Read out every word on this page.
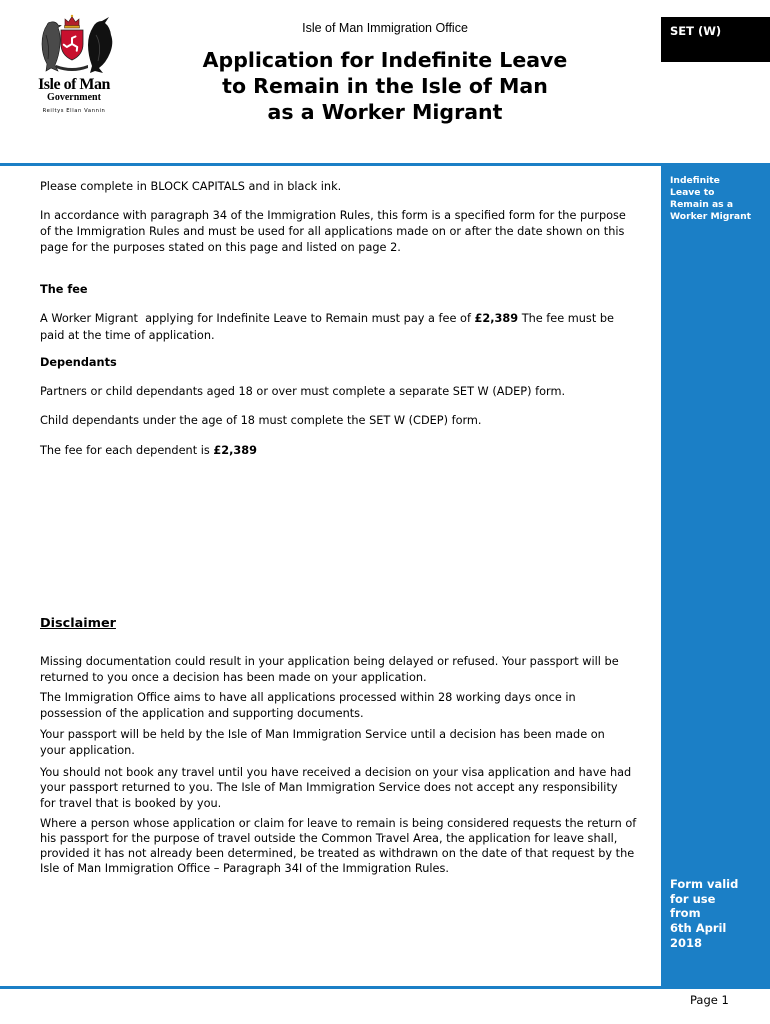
Isle of Man
Government
Reiltys Ellan Vannin
Isle of Man Immigration Office
Application for Indefinite Leave
to Remain in the Isle of Man
as a Worker Migrant
SET (W)
Indefinite
Leave to
Remain as a
Worker Migrant
Form valid
for use
from
6th April
2018
Please complete in BLOCK CAPITALS and in black ink.
In accordance with paragraph 34 of the Immigration Rules, this form is a specified form for the purpose
of the Immigration Rules and must be used for all applications made on or after the date shown on this
page for the purposes stated on this page and listed on page 2.
The fee
A Worker Migrant  applying for Indefinite Leave to Remain must pay a fee of £2,389 The fee must be
paid at the time of application.
Dependants
Partners or child dependants aged 18 or over must complete a separate SET W (ADEP) form.
Child dependants under the age of 18 must complete the SET W (CDEP) form.
The fee for each dependent is £2,389
Disclaimer
Missing documentation could result in your application being delayed or refused. Your passport will be
returned to you once a decision has been made on your application.
The Immigration Office aims to have all applications processed within 28 working days once in
possession of the application and supporting documents.
Your passport will be held by the Isle of Man Immigration Service until a decision has been made on
your application.
You should not book any travel until you have received a decision on your visa application and have had
your passport returned to you. The Isle of Man Immigration Service does not accept any responsibility
for travel that is booked by you.
Where a person whose application or claim for leave to remain is being considered requests the return of
his passport for the purpose of travel outside the Common Travel Area, the application for leave shall,
provided it has not already been determined, be treated as withdrawn on the date of that request by the
Isle of Man Immigration Office – Paragraph 34I of the Immigration Rules.
Page 1
